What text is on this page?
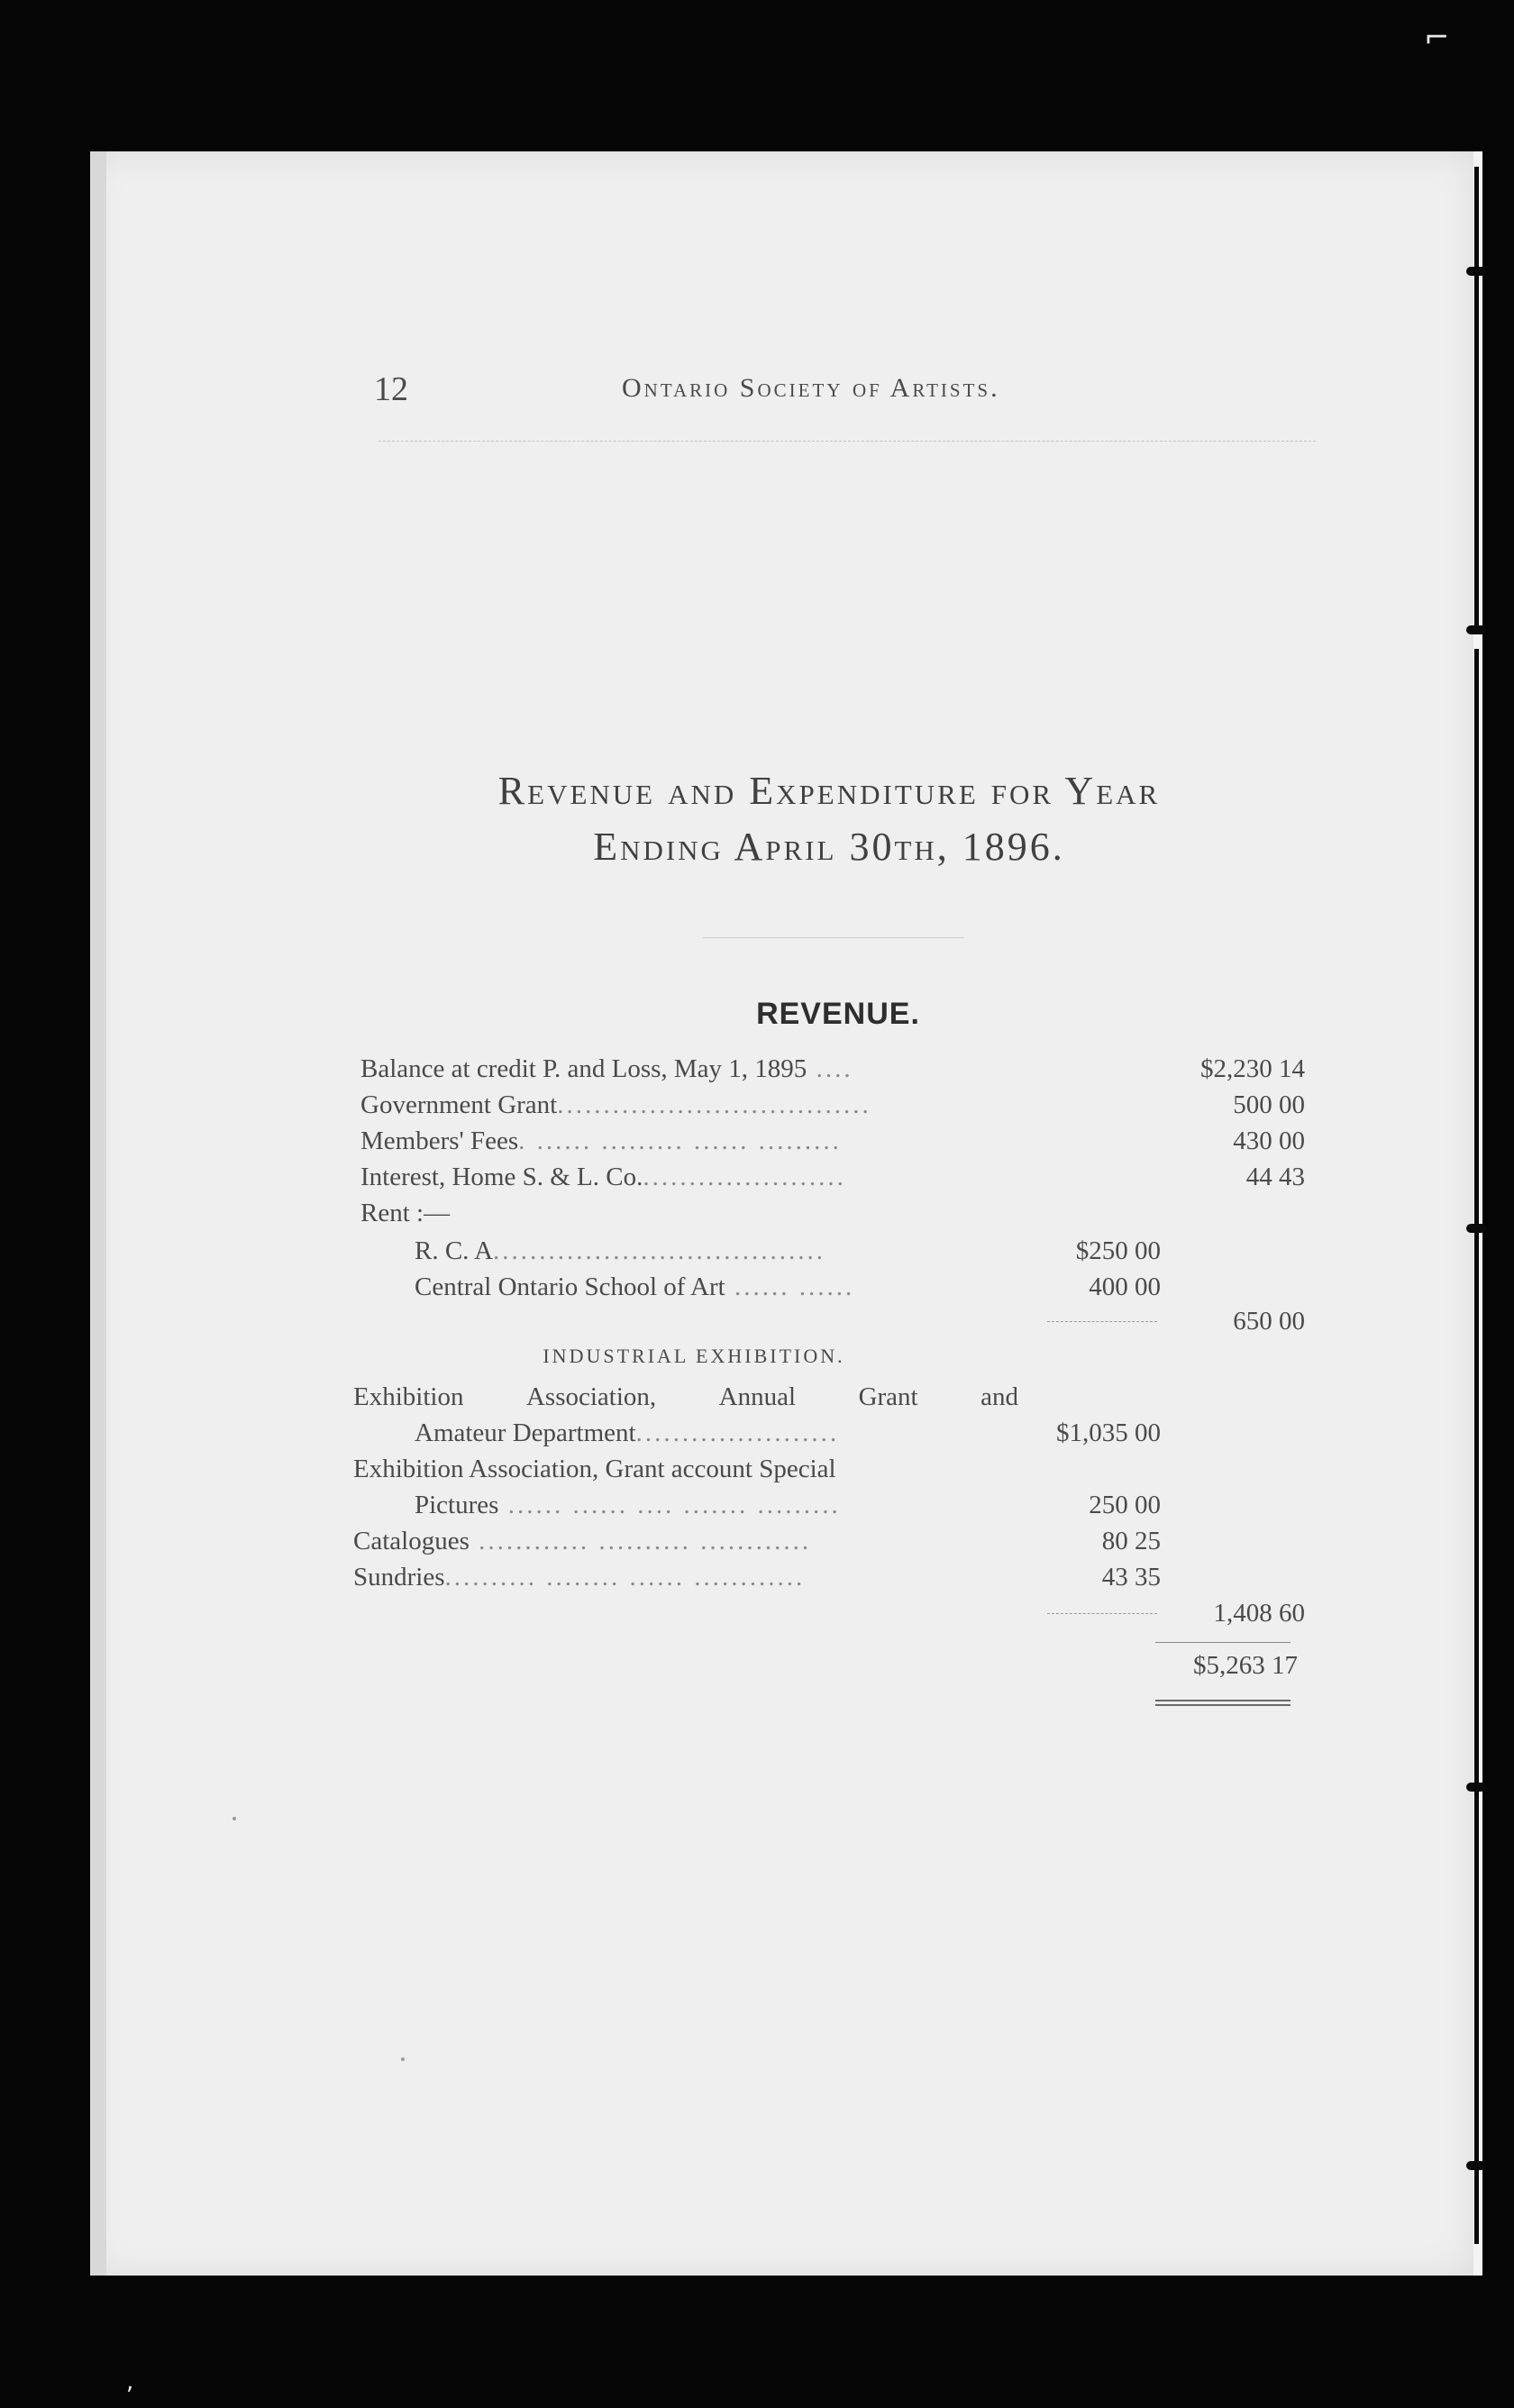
⌐
,
12	Ontario Society of Artists.
Revenue and Expenditure for Year
Ending April 30th, 1896.
REVENUE.
Balance at credit P. and Loss, May 1, 1895 ....	$2,230 14
Government Grant..................................	500 00
Members' Fees. ...... ......... ...... .........	430 00
Interest, Home S. & L. Co.......................	44 43
Rent :—
R. C. A....................................	$250 00
Central Ontario School of Art ...... ......	400 00
650 00
INDUSTRIAL EXHIBITION.
Exhibition Association, Annual Grant and
Amateur Department......................	$1,035 00
Exhibition Association, Grant account Special
Pictures ...... ...... .... ....... .........	250 00
Catalogues ............ .......... ............	80 25
Sundries.......... ........ ...... ............	43 35
1,408 60
$5,263 17
